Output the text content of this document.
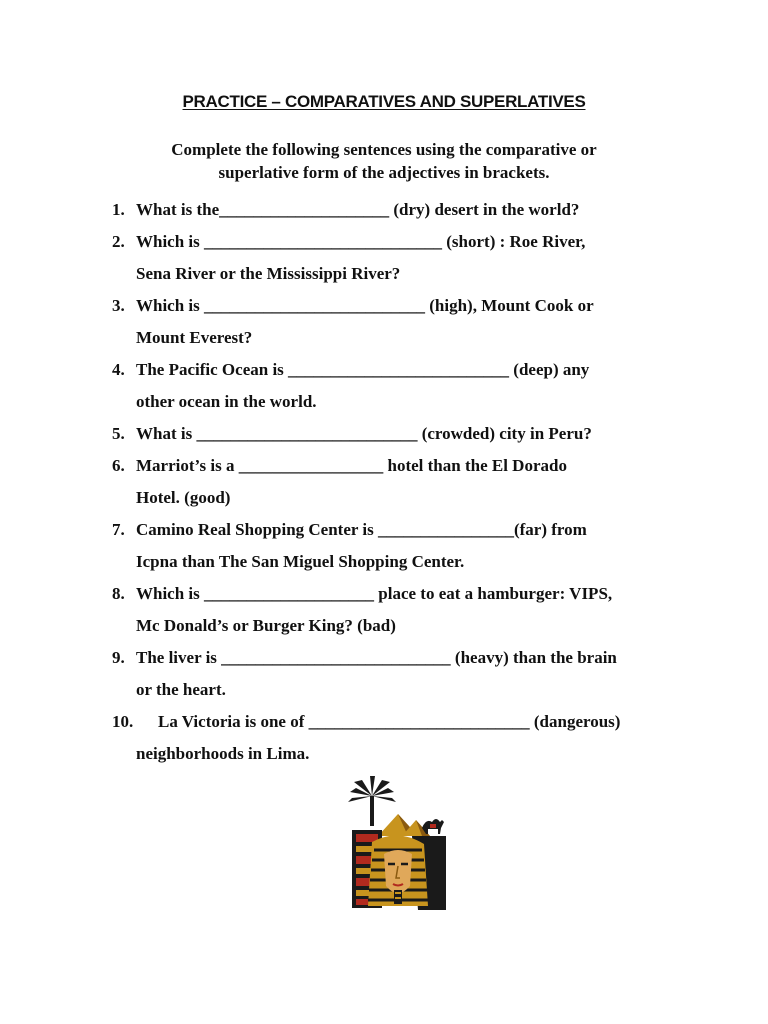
PRACTICE – COMPARATIVES AND SUPERLATIVES
Complete the following sentences using the comparative or
superlative form of the adjectives in brackets.
1. What is the____________________ (dry) desert in the world?
2. Which is ____________________________ (short) : Roe River,
Sena River or the Mississippi River?
3. Which is __________________________ (high), Mount Cook or
Mount Everest?
4. The Pacific Ocean is __________________________ (deep) any
other ocean in the world.
5. What is __________________________ (crowded) city in Peru?
6. Marriot’s is a _________________ hotel than the El Dorado
Hotel. (good)
7. Camino Real Shopping Center is ________________(far) from
Icpna than The San Miguel Shopping Center.
8. Which is ____________________ place to eat a hamburger: VIPS,
Mc Donald’s or Burger King? (bad)
9. The liver is ___________________________ (heavy) than the brain
or the heart.
10.	La Victoria is one of __________________________ (dangerous)
neighborhoods in Lima.
